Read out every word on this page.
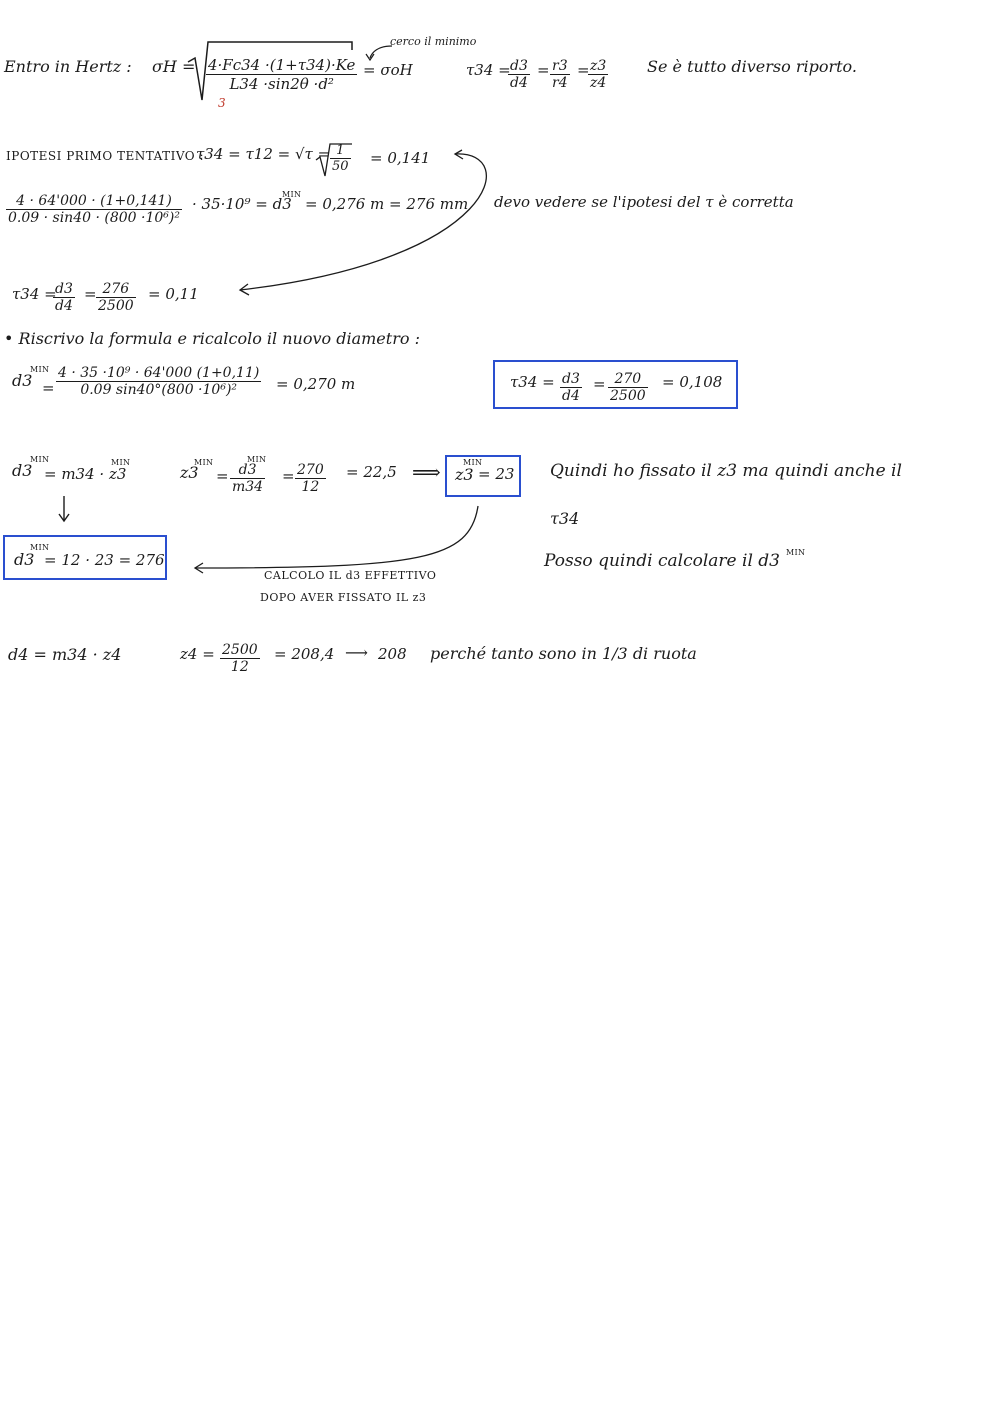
Entro in Hertz : $\sigma H = \frac{4\cdot Fc34 \cdot(1+\tau 34)\cdot Ke}{\text{L34 ·sin2θ ·d²}}$
3
= σoH
cerco il minimo
τ34 =
$\frac{d3}{d4} = \frac{r3}{r4}$ =
$\frac{z3}{z4}$ Se è tutto diverso riporto.
IPOTESI PRIMO TENTATIVO :
$\tau 34 = \tau 12 = √\tau = \frac{1}{50} = 0,141$
$\frac{4 \cdot 64'000 \cdot (1+0,141)}{\text{0.09 · sin40 · (800 ·10⁶)²}} \cdot 35\cdot 10^9 = d3$
MIN
= 0,276 m = 276 mm devo vedere se l'ipotesi del τ è corretta
τ34 =
$\frac{d3}{d4} = \frac{276}{2500} = 0,11$
• Riscrivo la formula e ricalcolo il nuovo diametro :
d3
MIN
= $\frac{\text{4 · 35 ·10⁹ · 64'000 (1+0,11)}}{\text{0.09 sin40°(800 ·10⁶)²}} = 0,270$ m	$\tau 34 = \frac{d3}{d4} = \frac{270}{2500} = 0,108$
d3
MIN
= m34 · z3
MIN
z3
MIN
= $\frac{d3}{m34}$
MIN
= $\frac{270}{12} = 22,5$ ⟹ z3
MIN
= 23 Quindi ho fissato il z3 ma quindi anche il
τ34
Posso quindi calcolare il d3 MIN
d3
MIN
= 12 · 23 = 276
CALCOLO IL d3 EFFETTIVO
DOPO AVER FISSATO IL z3
d4 = m34 · z4	$z4 = \frac{2500}{12} = 208,4$ ⟶ 208 perché tanto sono in 1/3 di ruota
